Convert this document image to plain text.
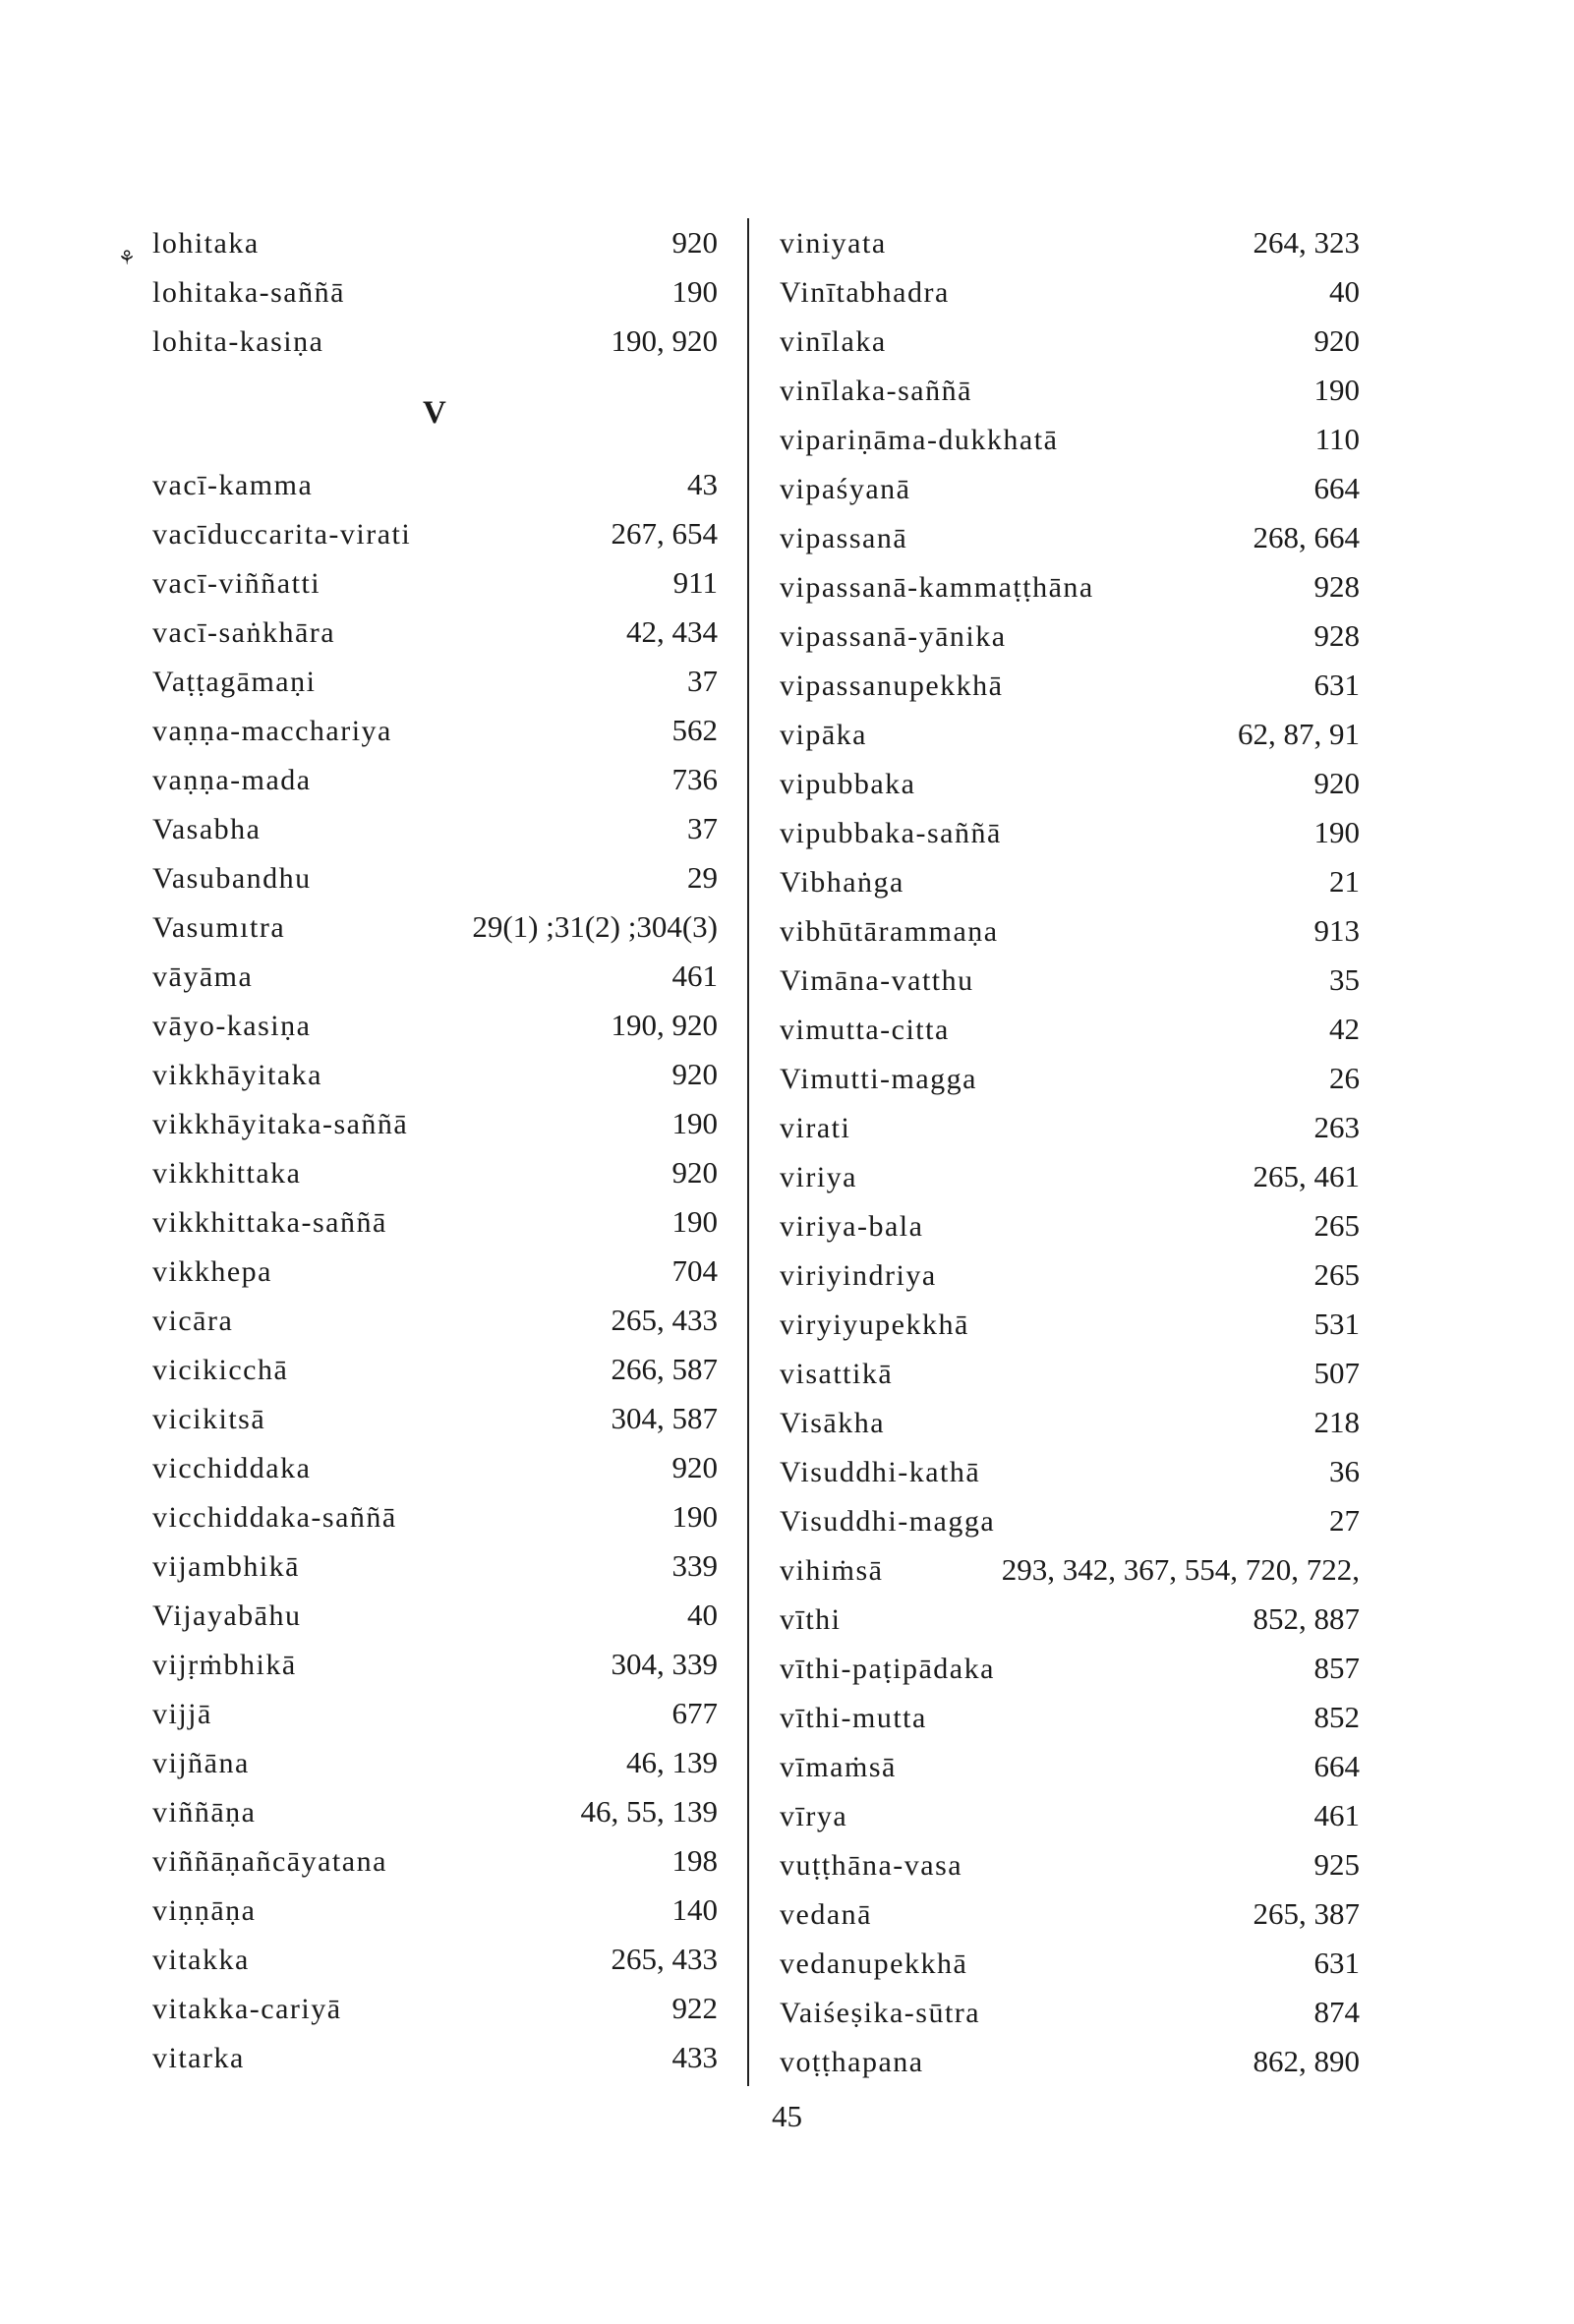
⚘ lohitaka	920
lohitaka-saññā	190
lohita-kasiṇa	190, 920
V
vacī-kamma	43
vacīduccarita-virati	267, 654
vacī-viññatti	911
vacī-saṅkhāra	42, 434
Vaṭṭagāmaṇi	37
vaṇṇa-macchariya	562
vaṇṇa-mada	736
Vasabha	37
Vasubandhu	29
Vasumıtra	29(1) ;31(2) ;304(3)
vāyāma	461
vāyo-kasiṇa	190, 920
vikkhāyitaka	920
vikkhāyitaka-saññā	190
vikkhittaka	920
vikkhittaka-saññā	190
vikkhepa	704
vicāra	265, 433
vicikicchā	266, 587
vicikitsā	304, 587
vicchiddaka	920
vicchiddaka-saññā	190
vijambhikā	339
Vijayabāhu	40
vijṛṁbhikā	304, 339
vijjā	677
vijñāna	46, 139
viññāṇa	46, 55, 139
viññāṇañcāyatana	198
viṇṇāṇa	140
vitakka	265, 433
vitakka-cariyā	922
vitarka	433
viniyata	264, 323
Vinītabhadra	40
vinīlaka	920
vinīlaka-saññā	190
vipariṇāma-dukkhatā	110
vipaśyanā	664
vipassanā	268, 664
vipassanā-kammaṭṭhāna	928
vipassanā-yānika	928
vipassanupekkhā	631
vipāka	62, 87, 91
vipubbaka	920
vipubbaka-saññā	190
Vibhaṅga	21
vibhūtārammaṇa	913
Vimāna-vatthu	35
vimutta-citta	42
Vimutti-magga	26
virati	263
viriya	265, 461
viriya-bala	265
viriyindriya	265
viryiyupekkhā	531
visattikā	507
Visākha	218
Visuddhi-kathā	36
Visuddhi-magga	27
vihiṁsā	293, 342, 367, 554, 720, 722,
vīthi	852, 887
vīthi-paṭipādaka	857
vīthi-mutta	852
vīmaṁsā	664
vīrya	461
vuṭṭhāna-vasa	925
vedanā	265, 387
vedanupekkhā	631
Vaiśeṣika-sūtra	874
voṭṭhapana	862, 890
45
